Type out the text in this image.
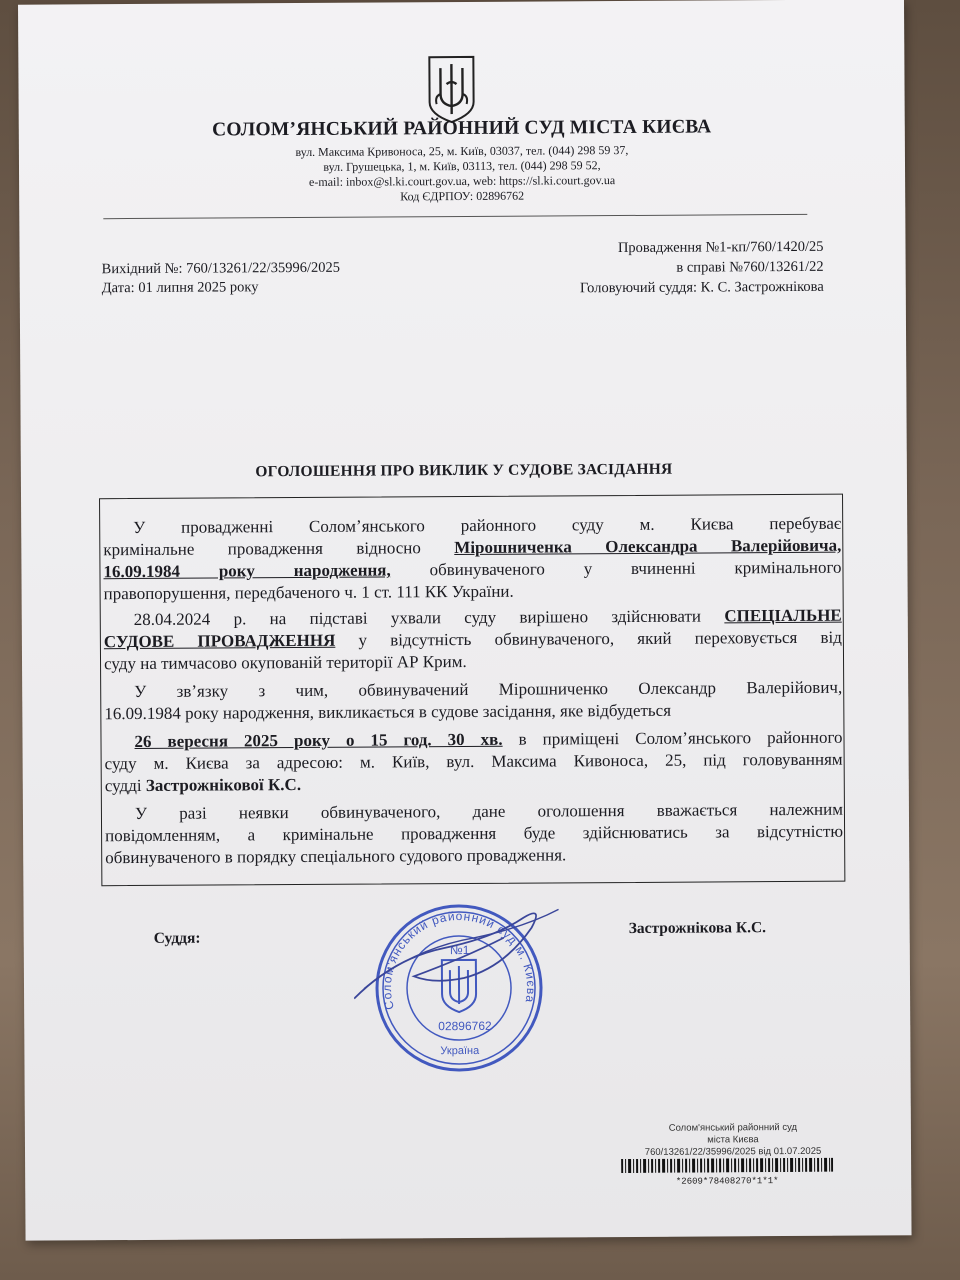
СОЛОМ’ЯНСЬКИЙ РАЙОННИЙ СУД МІСТА КИЄВА
вул. Максима Кривоноса, 25, м. Київ, 03037, тел. (044) 298 59 37,
вул. Грушецька, 1, м. Київ, 03113, тел. (044) 298 59 52,
e-mail: inbox@sl.ki.court.gov.ua, web: https://sl.ki.court.gov.ua
Код ЄДРПОУ: 02896762
Вихідний №: 760/13261/22/35996/2025
Дата: 01 липня 2025 року
Провадження №1-кп/760/1420/25
в справі №760/13261/22
Головуючий суддя: К. С. Застрожнікова
ОГОЛОШЕННЯ ПРО ВИКЛИК У СУДОВЕ ЗАСІДАННЯ
У провадженні Солом’янського районного суду м. Києва перебуває
кримінальне провадження відносно Мірошниченка Олександра Валерійовича,
16.09.1984 року народження, обвинуваченого у вчиненні кримінального
правопорушення, передбаченого ч. 1 ст. 111 КК України.
28.04.2024 р. на підставі ухвали суду вирішено здійснювати СПЕЦІАЛЬНЕ
СУДОВЕ ПРОВАДЖЕННЯ у відсутність обвинуваченого, який переховується від
суду на тимчасово окупованій території АР Крим.
У зв’язку з чим, обвинувачений Мірошниченко Олександр Валерійович,
16.09.1984 року народження, викликається в судове засідання, яке відбудеться
26 вересня 2025 року о 15 год. 30 хв. в приміщені Солом’янського районного
суду м. Києва за адресою: м. Київ, вул. Максима Кивоноса, 25, під головуванням
судді Застрожнікової К.С.
У разі неявки обвинуваченого, дане оголошення вважається належним
повідомленням, а кримінальне провадження буде здійснюватись за відсутністю
обвинуваченого в порядку спеціального судового провадження.
Суддя:
Застрожнікова К.С.
№1
02896762
Україна
Солом'янський районний суд м. Києва
Солом'янський районний суд
міста Києва
760/13261/22/35996/2025 від 01.07.2025
*2609*78408270*1*1*
